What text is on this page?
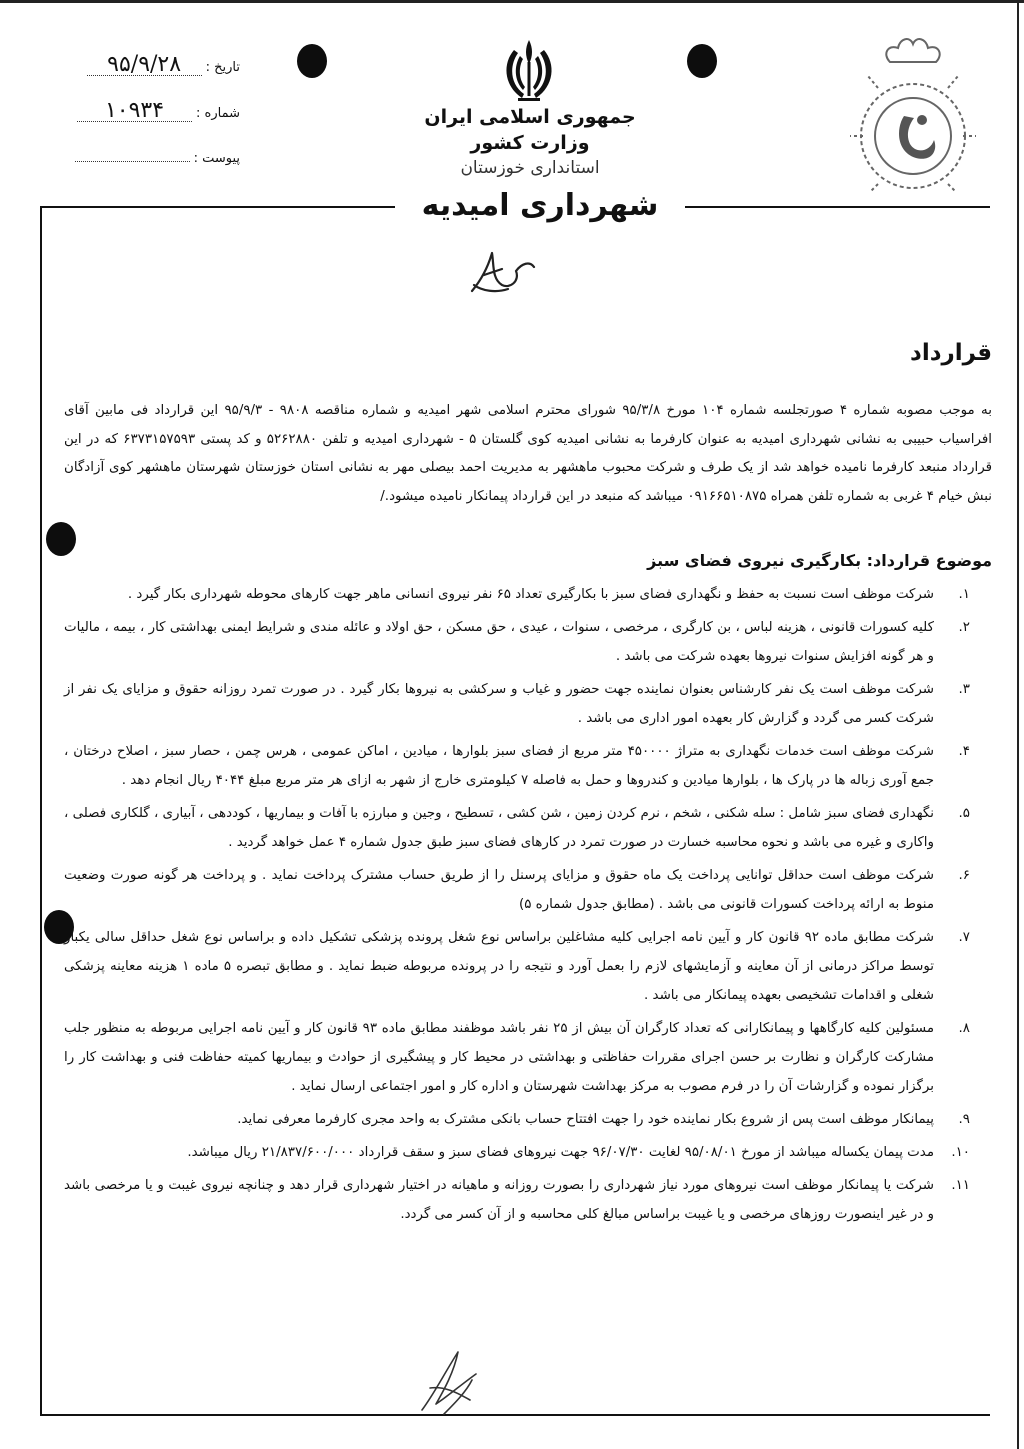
تاریخ :
۹۵/۹/۲۸
شماره :
۱۰۹۳۴
پیوست :
جمهوری اسلامی ایران
وزارت کشور
استانداری خوزستان
شهرداری امیدیه
قرارداد
به موجب مصوبه شماره ۴ صورتجلسه شماره ۱۰۴ مورخ ۹۵/۳/۸ شورای محترم اسلامی شهر امیدیه و شماره مناقصه ۹۸۰۸ - ۹۵/۹/۳ این قرارداد فی مابین آقای افراسیاب حبیبی به نشانی شهرداری امیدیه به عنوان کارفرما به نشانی امیدیه کوی گلستان ۵ - شهرداری امیدیه و تلفن ۵۲۶۲۸۸۰ و کد پستی ۶۳۷۳۱۵۷۵۹۳ که در این قرارداد منبعد کارفرما نامیده خواهد شد از یک طرف و شرکت محبوب ماهشهر به مدیریت احمد بیصلی مهر به نشانی استان خوزستان شهرستان ماهشهر کوی آزادگان نبش خیام ۴ غربی به شماره تلفن همراه ۰۹۱۶۶۵۱۰۸۷۵ میباشد که منبعد در این قرارداد پیمانکار نامیده میشود./
موضوع قرارداد: بکارگیری نیروی فضای سبز
۱.
شرکت موظف است نسبت به حفظ و نگهداری فضای سبز با بکارگیری تعداد ۶۵ نفر نیروی انسانی ماهر جهت کارهای محوطه شهرداری بکار گیرد .
۲.
کلیه کسورات قانونی ، هزینه لباس ، بن کارگری ، مرخصی ، سنوات ، عیدی ، حق مسکن ، حق اولاد و عائله مندی و شرایط ایمنی بهداشتی کار ، بیمه ، مالیات و هر گونه افزایش سنوات نیروها بعهده شرکت می باشد .
۳.
شرکت موظف است یک نفر کارشناس بعنوان نماینده جهت حضور و غیاب و سرکشی به نیروها بکار گیرد . در صورت تمرد روزانه حقوق و مزایای یک نفر از شرکت کسر می گردد و گزارش کار بعهده امور اداری می باشد .
۴.
شرکت موظف است خدمات نگهداری به متراژ ۴۵۰۰۰۰ متر مربع از فضای سبز بلوارها ، میادین ، اماکن عمومی ، هرس چمن ، حصار سبز ، اصلاح درختان ، جمع آوری زباله ها در پارک ها ، بلوارها میادین و کندروها و حمل به فاصله ۷ کیلومتری خارج از شهر به ازای هر متر مربع مبلغ ۴۰۴۴ ریال انجام دهد .
۵.
نگهداری فضای سبز شامل : سله شکنی ، شخم ، نرم کردن زمین ، شن کشی ، تسطیح ، وجین و مبارزه با آفات و بیماریها ، کوددهی ، آبیاری ، گلکاری فصلی ، واکاری و غیره می باشد و نحوه محاسبه خسارت در صورت تمرد در کارهای فضای سبز طبق جدول شماره ۴ عمل خواهد گردید .
۶.
شرکت موظف است حداقل توانایی پرداخت یک ماه حقوق و مزایای پرسنل را از طریق حساب مشترک پرداخت نماید . و پرداخت هر گونه صورت وضعیت منوط به ارائه پرداخت کسورات قانونی می باشد . (مطابق جدول شماره ۵)
۷.
شرکت مطابق ماده ۹۲ قانون کار و آیین نامه اجرایی کلیه مشاغلین براساس نوع شغل پرونده پزشکی تشکیل داده و براساس نوع شغل حداقل سالی یکبار توسط مراکز درمانی از آن معاینه و آزمایشهای لازم را بعمل آورد و نتیجه را در پرونده مربوطه ضبط نماید . و مطابق تبصره ۵ ماده ۱ هزینه معاینه پزشکی شغلی و اقدامات تشخیصی بعهده پیمانکار می باشد .
۸.
مسئولین کلیه کارگاهها و پیمانکارانی که تعداد کارگران آن بیش از ۲۵ نفر باشد موظفند مطابق ماده ۹۳ قانون کار و آیین نامه اجرایی مربوطه به منظور جلب مشارکت کارگران و نظارت بر حسن اجرای مقررات حفاظتی و بهداشتی در محیط کار و پیشگیری از حوادث و بیماریها کمیته حفاظت فنی و بهداشت کار را برگزار نموده و گزارشات آن را در فرم مصوب به مرکز بهداشت شهرستان و اداره کار و امور اجتماعی ارسال نماید .
۹.
پیمانکار موظف است پس از شروع بکار نماینده خود را جهت افتتاح حساب بانکی مشترک به واحد مجری کارفرما معرفی نماید.
۱۰.
مدت پیمان یکساله میباشد از مورخ ۹۵/۰۸/۰۱ لغایت ۹۶/۰۷/۳۰ جهت نیروهای فضای سبز و سقف قرارداد ۲۱/۸۳۷/۶۰۰/۰۰۰ ریال میباشد.
۱۱.
شرکت یا پیمانکار موظف است نیروهای مورد نیاز شهرداری را بصورت روزانه و ماهیانه در اختیار شهرداری قرار دهد و چنانچه نیروی غیبت و یا مرخصی باشد و در غیر اینصورت روزهای مرخصی و یا غیبت براساس مبالغ کلی محاسبه و از آن کسر می گردد.
